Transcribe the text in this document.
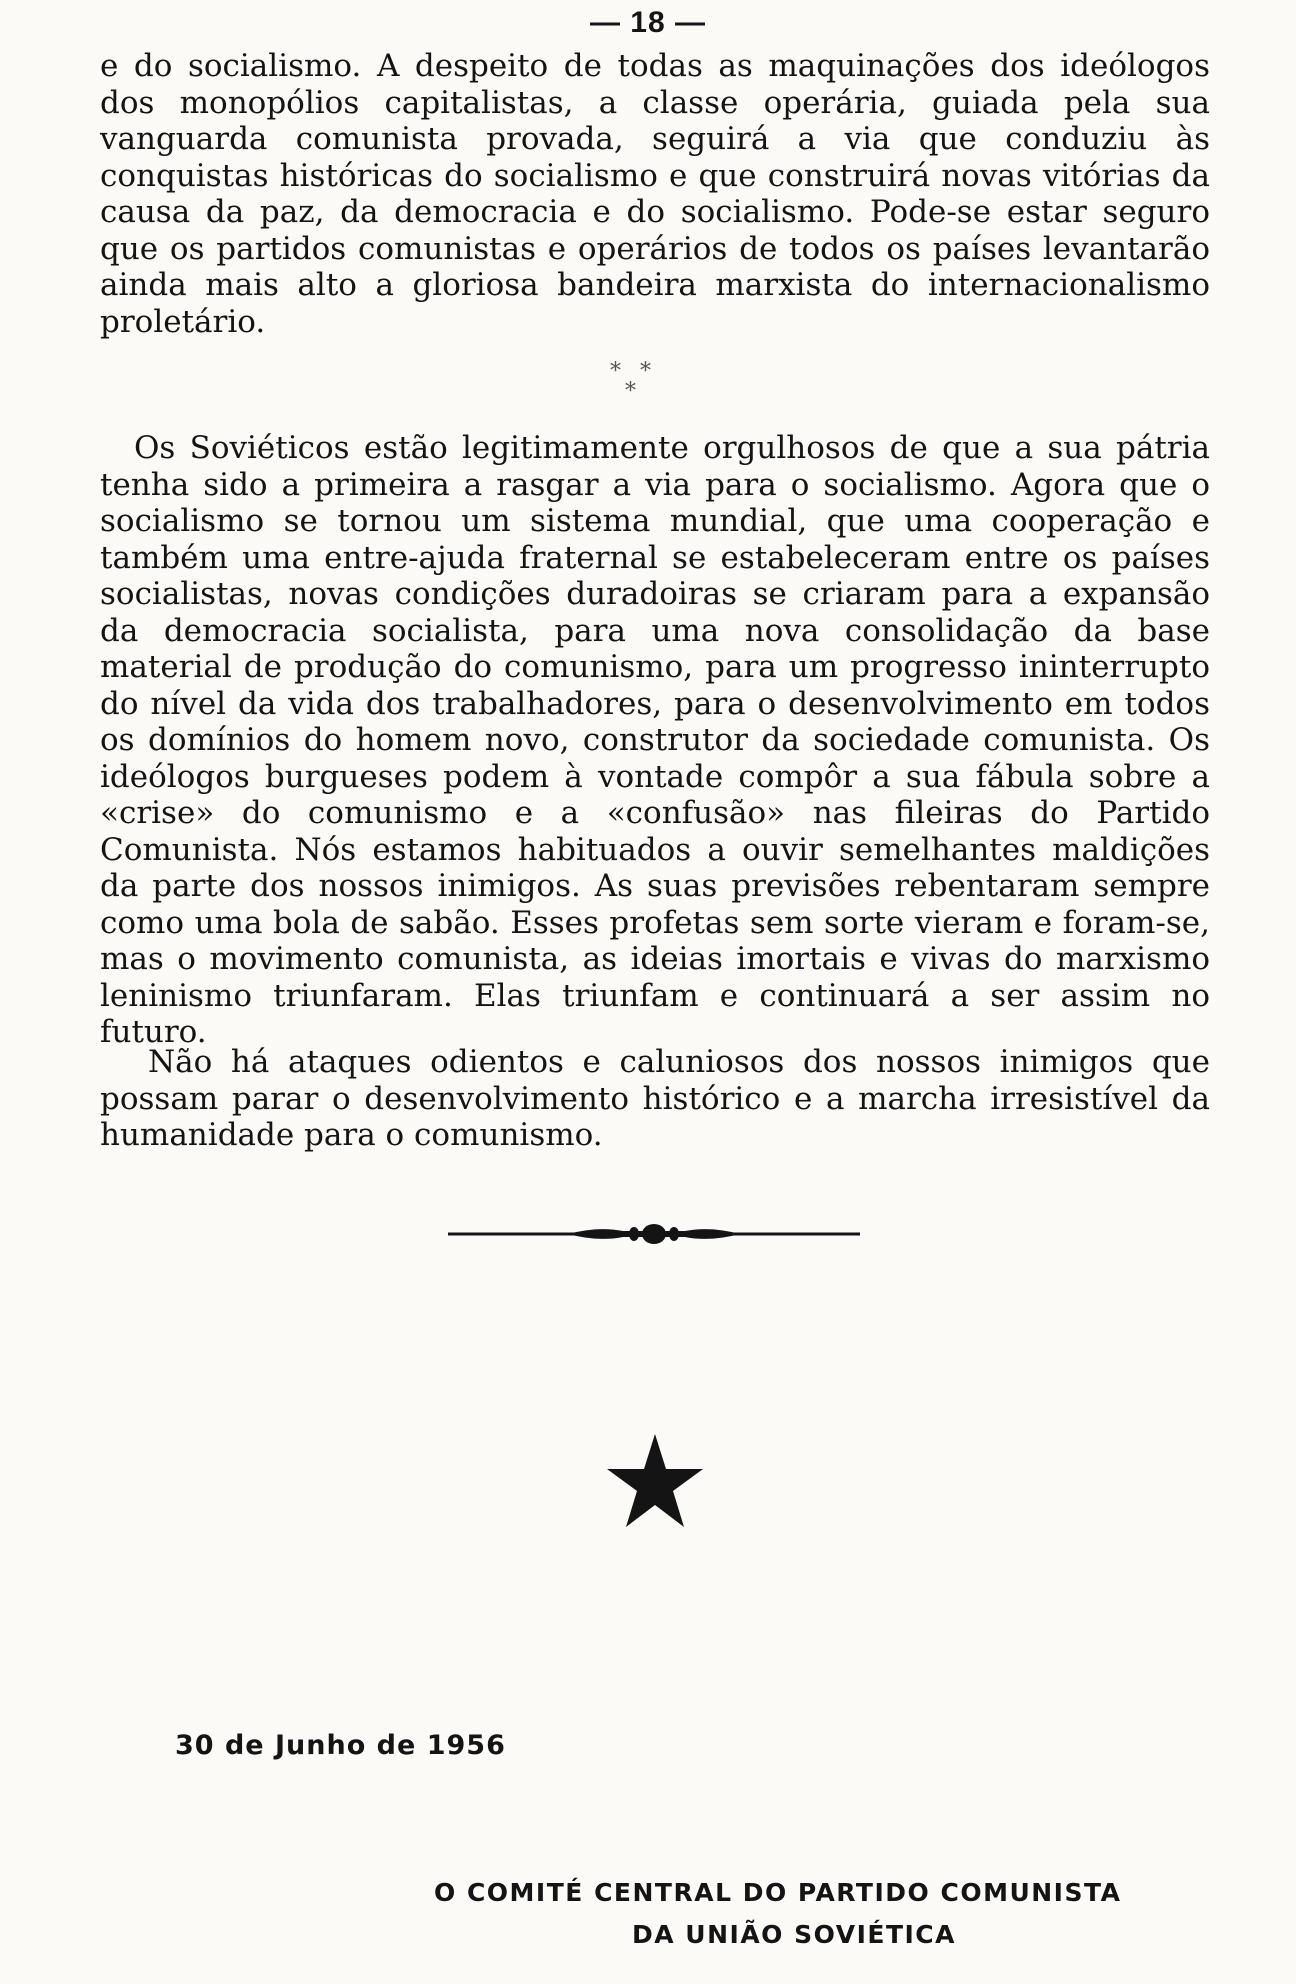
— 18 —

e do socialismo. A despeito de todas as maquinações dos ideólogos dos monopólios capitalistas, a classe operária, guiada pela sua vanguarda comunista provada, seguirá a via que conduziu às conquistas históricas do socialismo e que construirá novas vitórias da causa da paz, da democracia e do socialismo. Pode-se estar seguro que os partidos comunistas e operários de todos os países levantarão ainda mais alto a gloriosa bandeira marxista do internacionalismo proletário.

* *
*

Os Soviéticos estão legitimamente orgulhosos de que a sua pátria tenha sido a primeira a rasgar a via para o socialismo. Agora que o socialismo se tornou um sistema mundial, que uma cooperação e também uma entre-ajuda fraternal se estabeleceram entre os países socialistas, novas condições duradoiras se criaram para a expansão da democracia socialista, para uma nova consolidação da base material de produção do comunismo, para um progresso ininterrupto do nível da vida dos trabalhadores, para o desenvolvimento em todos os domínios do homem novo, construtor da sociedade comunista. Os ideólogos burgueses podem à vontade compôr a sua fábula sobre a «crise» do comunismo e a «confusão» nas fileiras do Partido Comunista. Nós estamos habituados a ouvir semelhantes maldições da parte dos nossos inimigos. As suas previsões rebentaram sempre como uma bola de sabão. Esses profetas sem sorte vieram e foram-se, mas o movimento comunista, as ideias imortais e vivas do marxismo leninismo triunfaram. Elas triunfam e continuará a ser assim no futuro.

Não há ataques odientos e caluniosos dos nossos inimigos que possam parar o desenvolvimento histórico e a marcha irresistível da humanidade para o comunismo.

30 de Junho de 1956
O COMITÉ CENTRAL DO PARTIDO COMUNISTA
DA UNIÃO SOVIÉTICA
